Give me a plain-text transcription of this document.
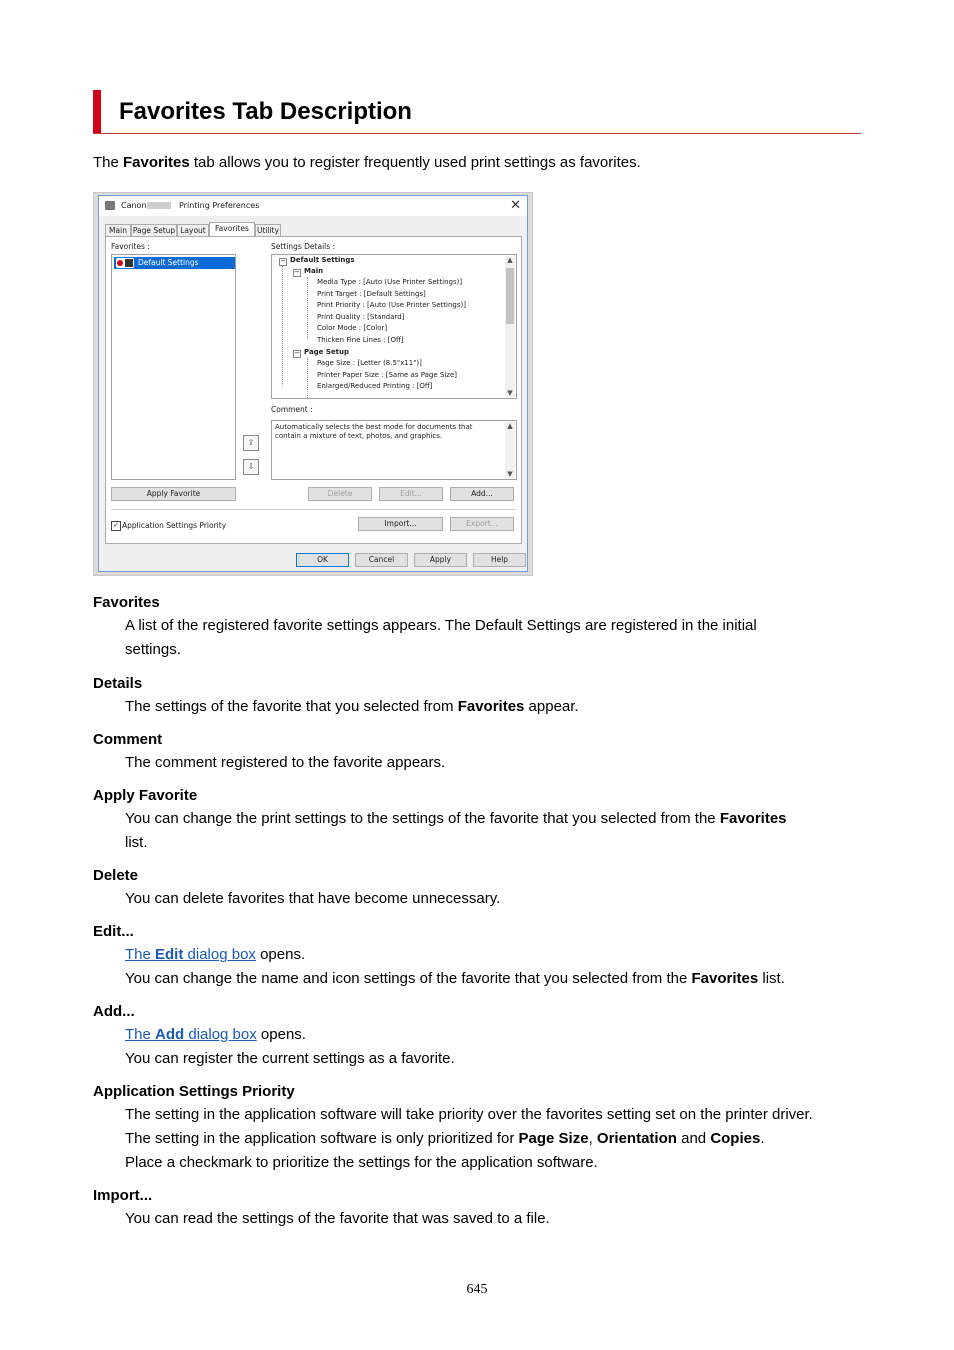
Favorites Tab Description
The Favorites tab allows you to register frequently used print settings as favorites.
Canon	Printing Preferences	✕
Main Page Setup Layout	Utility
Favorites
Favorites :
Default Settings
Apply Favorite
Settings Details :
− Default Settings
− Main
Media Type : [Auto (Use Printer Settings)]
Print Target : [Default Settings]
Print Priority : [Auto (Use Printer Settings)]
Print Quality : [Standard]
Color Mode : [Color]
Thicken Fine Lines : [Off]
− Page Setup
Page Size : [Letter (8.5"x11")]
Printer Paper Size : [Same as Page Size]
Enlarged/Reduced Printing : [Off]
▲
▼
Comment :
⇧
⇩
Automatically selects the best mode for documents that contain a mixture of text, photos, and graphics.
▲
▼
Delete	Edit...	Add...
✓ Application Settings Priority	Import...	Export...
OK	Cancel	Apply	Help
Favorites
A list of the registered favorite settings appears. The Default Settings are registered in the initial
settings.
Details
The settings of the favorite that you selected from Favorites appear.
Comment
The comment registered to the favorite appears.
Apply Favorite
You can change the print settings to the settings of the favorite that you selected from the Favorites
list.
Delete
You can delete favorites that have become unnecessary.
Edit...
The Edit dialog box opens.
You can change the name and icon settings of the favorite that you selected from the Favorites list.
Add...
The Add dialog box opens.
You can register the current settings as a favorite.
Application Settings Priority
The setting in the application software will take priority over the favorites setting set on the printer driver.
The setting in the application software is only prioritized for Page Size, Orientation and Copies.
Place a checkmark to prioritize the settings for the application software.
Import...
You can read the settings of the favorite that was saved to a file.
645
